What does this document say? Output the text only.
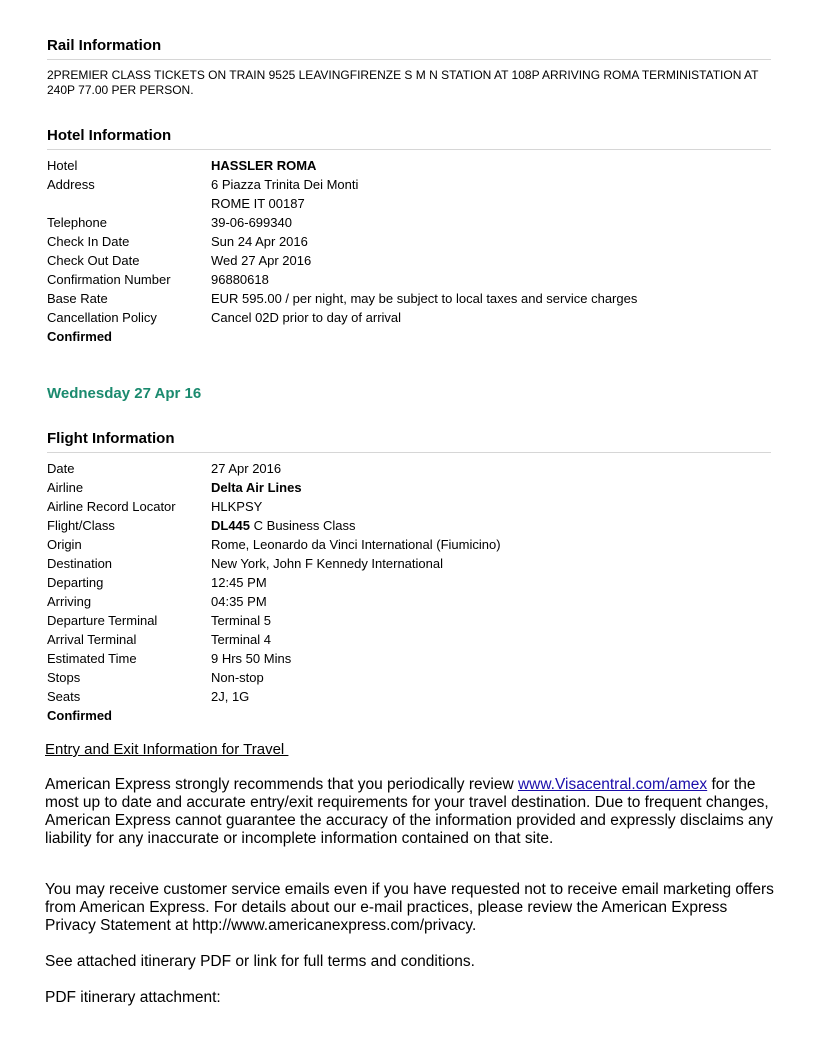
Rail Information
2PREMIER CLASS TICKETS ON TRAIN 9525 LEAVINGFIRENZE S M N STATION AT 108P ARRIVING ROMA TERMINISTATION AT 240P 77.00 PER PERSON.
Hotel Information
Hotel	HASSLER ROMA
Address	6 Piazza Trinita Dei Monti
ROME IT 00187
Telephone	39-06-699340
Check In Date	Sun 24 Apr 2016
Check Out Date	Wed 27 Apr 2016
Confirmation Number	96880618
Base Rate	EUR 595.00 / per night, may be subject to local taxes and service charges
Cancellation Policy	Cancel 02D prior to day of arrival
Confirmed
Wednesday 27 Apr 16
Flight Information
Date	27 Apr 2016
Airline	Delta Air Lines
Airline Record Locator	HLKPSY
Flight/Class	DL445 C Business Class
Origin	Rome, Leonardo da Vinci International (Fiumicino)
Destination	New York, John F Kennedy International
Departing	12:45 PM
Arriving	04:35 PM
Departure Terminal	Terminal 5
Arrival Terminal	Terminal 4
Estimated Time	9 Hrs 50 Mins
Stops	Non-stop
Seats	2J, 1G
Confirmed
Entry and Exit Information for Travel
American Express strongly recommends that you periodically review www.Visacentral.com/amex for the most up to date and accurate entry/exit requirements for your travel destination. Due to frequent changes, American Express cannot guarantee the accuracy of the information provided and expressly disclaims any liability for any inaccurate or incomplete information contained on that site.
You may receive customer service emails even if you have requested not to receive email marketing offers from American Express. For details about our e-mail practices, please review the American Express Privacy Statement at http://www.americanexpress.com/privacy.
See attached itinerary PDF or link for full terms and conditions.
PDF itinerary attachment:
